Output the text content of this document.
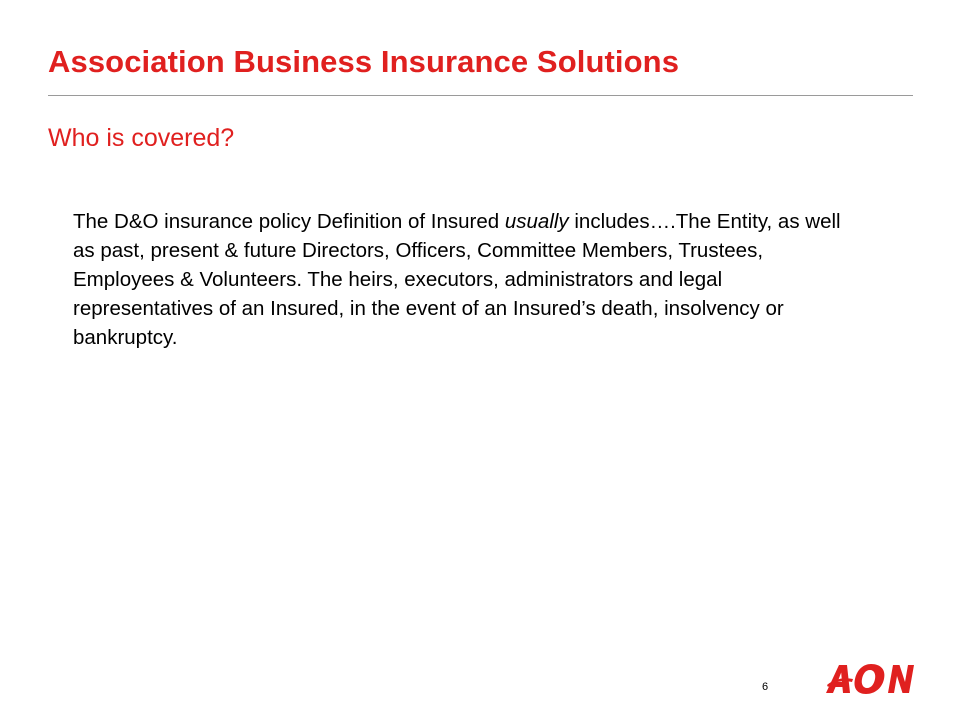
Association Business Insurance Solutions
Who is covered?

The D&O insurance policy Definition of Insured usually includes….The Entity, as well as past, present & future Directors, Officers, Committee Members, Trustees, Employees & Volunteers. The heirs, executors, administrators and legal representatives of an Insured, in the event of an Insured’s death, insolvency or bankruptcy.

6
